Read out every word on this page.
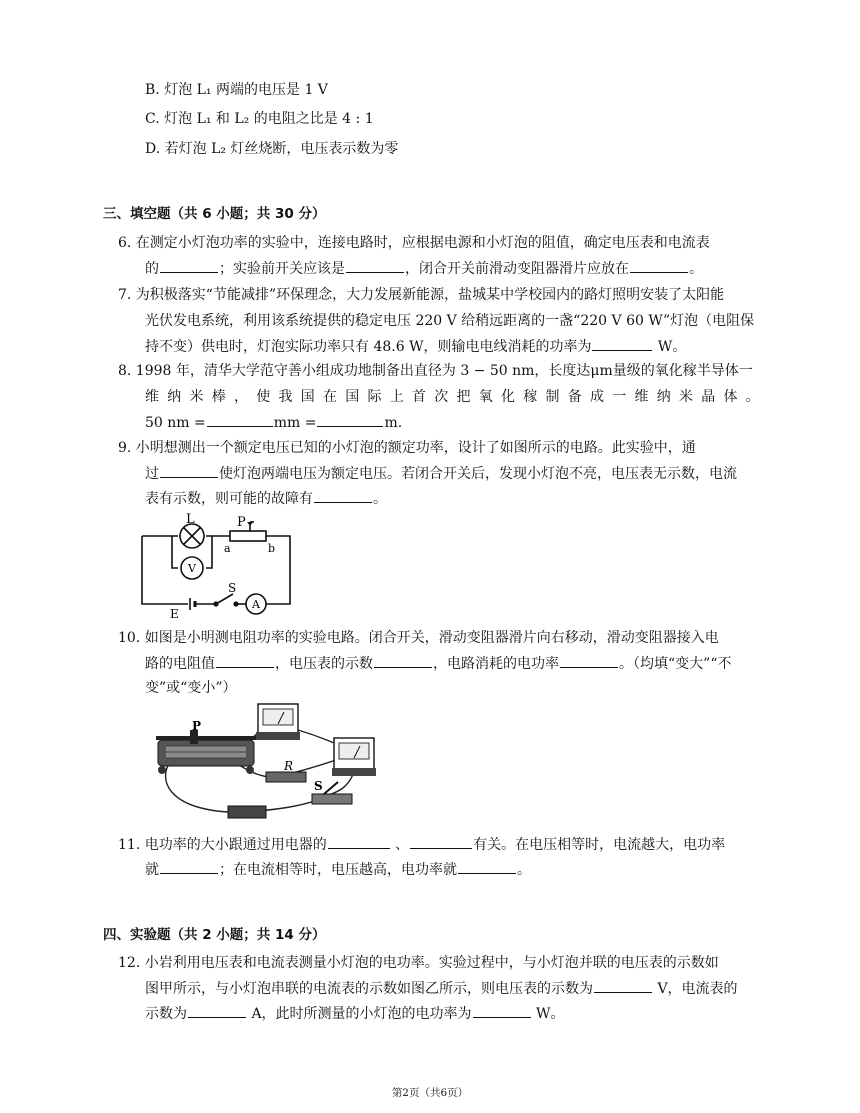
B. 灯泡 L₁ 两端的电压是 1 V
C. 灯泡 L₁ 和 L₂ 的电阻之比是 4 : 1
D. 若灯泡 L₂ 灯丝烧断，电压表示数为零
三、填空题（共 6 小题；共 30 分）
6. 在测定小灯泡功率的实验中，连接电路时，应根据电源和小灯泡的阻值，确定电压表和电流表
的	；实验前开关应该是	，闭合开关前滑动变阻器滑片应放在	。
7. 为积极落实“节能减排”环保理念，大力发展新能源，盐城某中学校园内的路灯照明安装了太阳能
光伏发电系统，利用该系统提供的稳定电压 220 V 给稍远距离的一盏“220 V 60 W”灯泡（电阻保
持不变）供电时，灯泡实际功率只有 48.6 W，则输电电线消耗的功率为	W。
8. 1998 年，清华大学范守善小组成功地制备出直径为 3 − 50 nm，长度达μm量级的氧化稼半导体一
维 纳 米 棒 ， 使 我 国 在 国 际 上 首 次 把 氧 化 稼 制 备 成 一 维 纳 米 晶 体 。
50 nm =	mm =	m.
9. 小明想测出一个额定电压已知的小灯泡的额定功率，设计了如图所示的电路。此实验中，通
过	使灯泡两端电压为额定电压。若闭合开关后，发现小灯泡不亮，电压表无示数，电流
表有示数，则可能的故障有	。
L	P
a	b
V
S
E
A
10. 如图是小明测电阻功率的实验电路。闭合开关，滑动变阻器滑片向右移动，滑动变阻器接入电
路的电阻值	，电压表的示数	，电路消耗的电功率	。（均填“变大”“不
变”或“变小”）
P
R
S
11. 电功率的大小跟通过用电器的	、	有关。在电压相等时，电流越大，电功率
就	；在电流相等时，电压越高，电功率就	。
四、实验题（共 2 小题；共 14 分）
12. 小岩利用电压表和电流表测量小灯泡的电功率。实验过程中，与小灯泡并联的电压表的示数如
图甲所示，与小灯泡串联的电流表的示数如图乙所示，则电压表的示数为	V，电流表的
示数为	A，此时所测量的小灯泡的电功率为	W。
第2页（共6页）
